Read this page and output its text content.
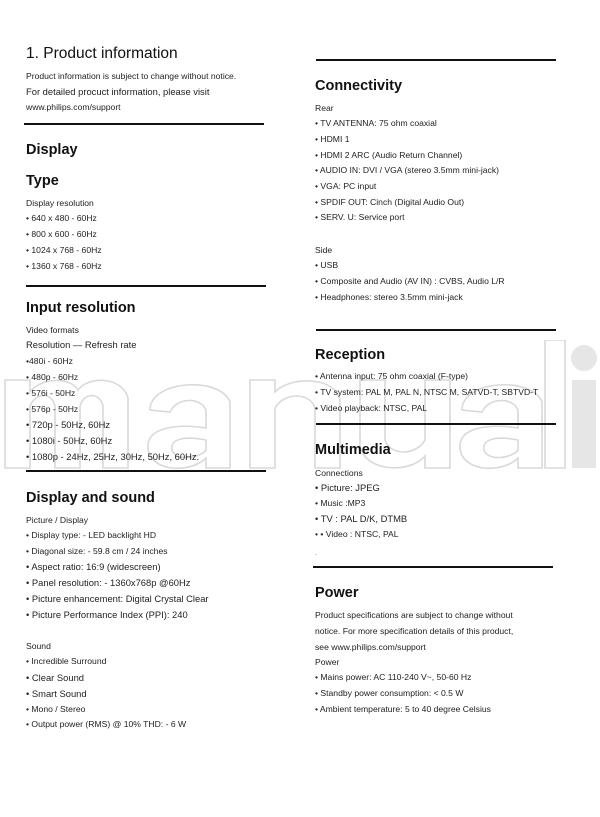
1. Product information
Product information is subject to change without notice.
For detailed procuct information, please visit
www.philips.com/support
Display
Type
Display resolution
• 640 x 480 - 60Hz
• 800 x 600 - 60Hz
• 1024 x 768 - 60Hz
• 1360 x 768 - 60Hz
Input resolution
Video formats
Resolution — Refresh rate
•480i - 60Hz
• 480p - 60Hz
• 576i - 50Hz
• 576p - 50Hz
• 720p - 50Hz, 60Hz
• 1080i - 50Hz, 60Hz
• 1080p - 24Hz, 25Hz, 30Hz, 50Hz, 60Hz.
Display and sound
Picture / Display
• Display type: - LED backlight HD
• Diagonal size: - 59.8 cm / 24 inches
• Aspect ratio: 16:9 (widescreen)
• Panel resolution: - 1360x768p @60Hz
• Picture enhancement: Digital Crystal Clear
• Picture Performance Index (PPI): 240
Sound
• Incredible Surround
• Clear Sound
• Smart Sound
• Mono / Stereo
• Output power (RMS) @ 10% THD: - 6 W
Connectivity
Rear
• TV ANTENNA: 75 ohm coaxial
• HDMI 1
• HDMI 2 ARC (Audio Return Channel)
• AUDIO IN: DVI / VGA (stereo 3.5mm mini-jack)
• VGA: PC input
• SPDIF OUT: Cinch (Digital Audio Out)
• SERV. U: Service port
Side
• USB
• Composite and Audio (AV IN) : CVBS, Audio L/R
• Headphones: stereo 3.5mm mini-jack
Reception
• Antenna input: 75 ohm coaxial (F-type)
• TV system: PAL M, PAL N, NTSC M, SATVD-T, SBTVD-T
• Video playback: NTSC, PAL
Multimedia
Connections
• Picture: JPEG
• Music :MP3
• TV : PAL D/K, DTMB
• • Video : NTSC, PAL
.
Power
Product specifications are subject to change without
notice. For more specification details of this product,
see www.philips.com/support
Power
• Mains power: AC 110-240 V~, 50-60 Hz
• Standby power consumption: < 0.5 W
• Ambient temperature: 5 to 40 degree Celsius
